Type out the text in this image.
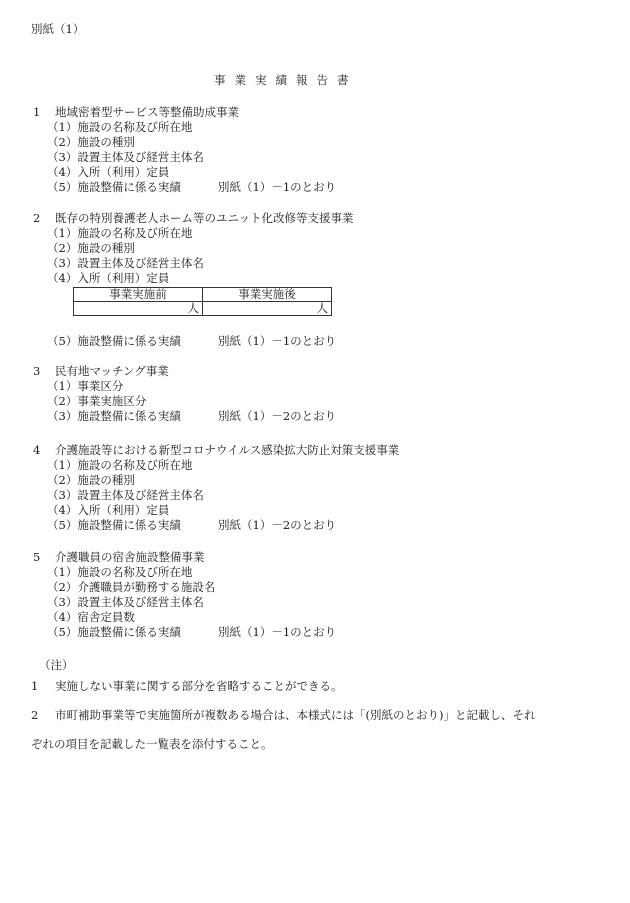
別紙（1）
事業実績報告書
1 地域密着型サービス等整備助成事業
（1）施設の名称及び所在地
（2）施設の種別
（3）設置主体及び経営主体名
（4）入所（利用）定員
（5）施設整備に係る実績	別紙（1）－1のとおり
2 既存の特別養護老人ホーム等のユニット化改修等支援事業
（1）施設の名称及び所在地
（2）施設の種別
（3）設置主体及び経営主体名
（4）入所（利用）定員
事業実施前	事業実施後
人	人
（5）施設整備に係る実績	別紙（1）－1のとおり
3 民有地マッチング事業
（1）事業区分
（2）事業実施区分
（3）施設整備に係る実績	別紙（1）－2のとおり
4 介護施設等における新型コロナウイルス感染拡大防止対策支援事業
（1）施設の名称及び所在地
（2）施設の種別
（3）設置主体及び経営主体名
（4）入所（利用）定員
（5）施設整備に係る実績	別紙（1）－2のとおり
5 介護職員の宿舎施設整備事業
（1）施設の名称及び所在地
（2）介護職員が勤務する施設名
（3）設置主体及び経営主体名
（4）宿舎定員数
（5）施設整備に係る実績	別紙（1）－1のとおり
（注）
1 実施しない事業に関する部分を省略することができる。
2 市町補助事業等で実施箇所が複数ある場合は、本様式には「(別紙のとおり)」と記載し、それ
ぞれの項目を記載した一覧表を添付すること。
